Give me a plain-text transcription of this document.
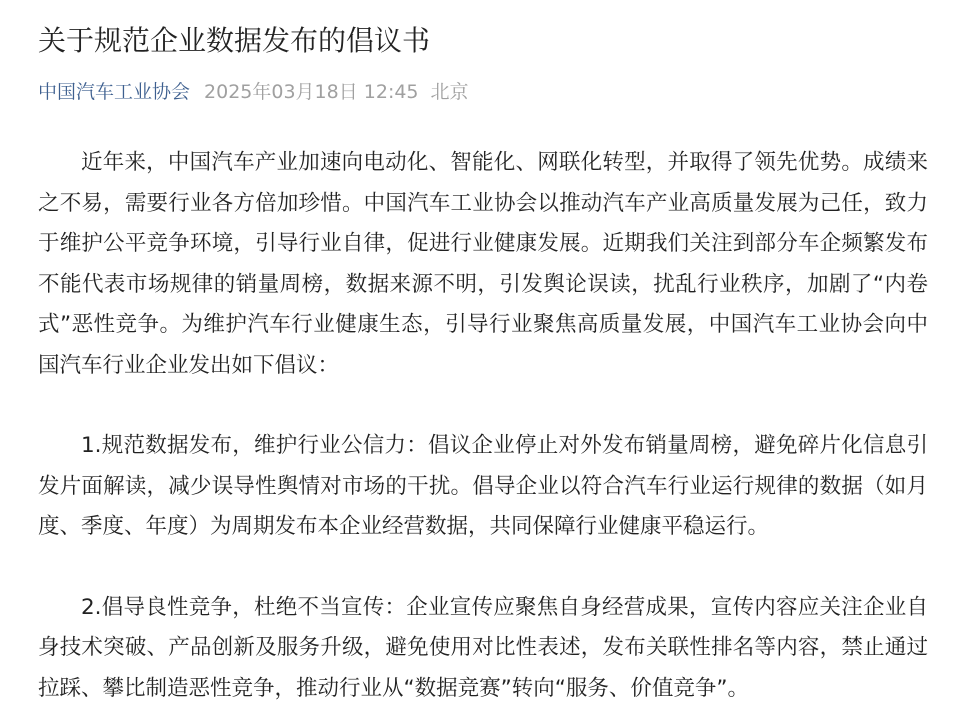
关于规范企业数据发布的倡议书
中国汽车工业协会 2025年03月18日 12:45 北京

近年来，中国汽车产业加速向电动化、智能化、网联化转型，并取得了领先优势。成绩来之不易，需要行业各方倍加珍惜。中国汽车工业协会以推动汽车产业高质量发展为己任，致力于维护公平竞争环境，引导行业自律，促进行业健康发展。近期我们关注到部分车企频繁发布不能代表市场规律的销量周榜，数据来源不明，引发舆论误读，扰乱行业秩序，加剧了“内卷式”恶性竞争。为维护汽车行业健康生态，引导行业聚焦高质量发展，中国汽车工业协会向中国汽车行业企业发出如下倡议：

1.规范数据发布，维护行业公信力：倡议企业停止对外发布销量周榜，避免碎片化信息引发片面解读，减少误导性舆情对市场的干扰。倡导企业以符合汽车行业运行规律的数据（如月度、季度、年度）为周期发布本企业经营数据，共同保障行业健康平稳运行。

2.倡导良性竞争，杜绝不当宣传：企业宣传应聚焦自身经营成果，宣传内容应关注企业自身技术突破、产品创新及服务升级，避免使用对比性表述，发布关联性排名等内容，禁止通过拉踩、攀比制造恶性竞争，推动行业从“数据竞赛”转向“服务、价值竞争”。
